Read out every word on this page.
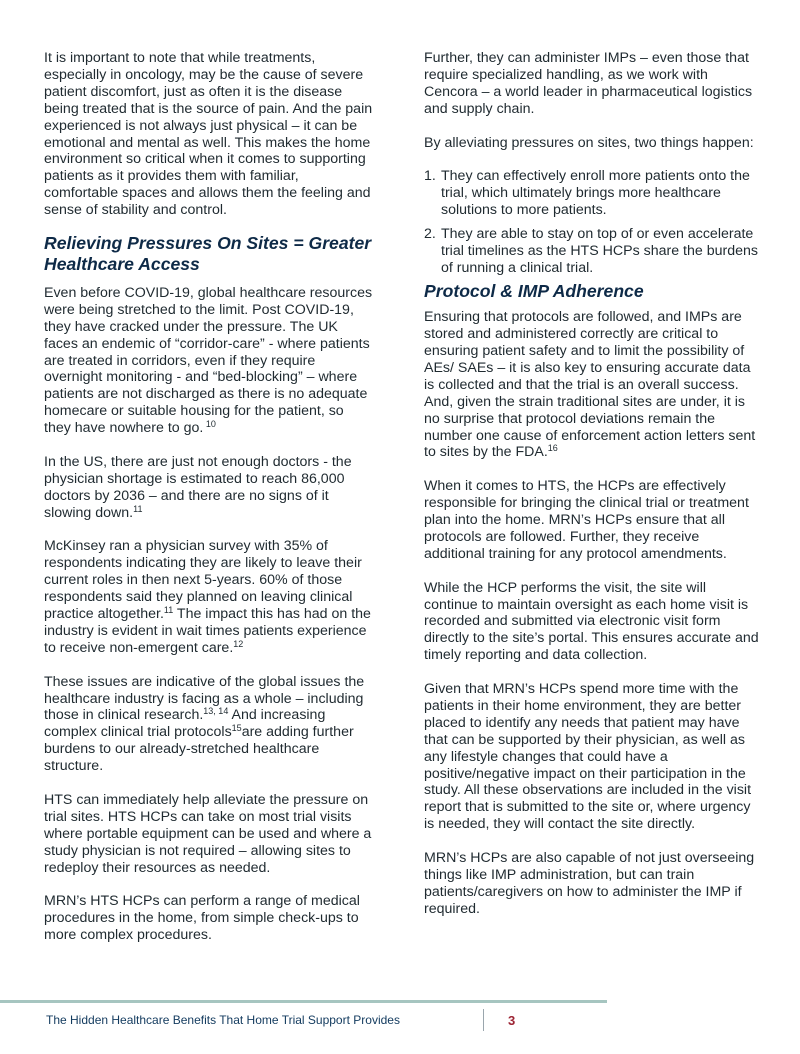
It is important to note that while treatments, especially in oncology, may be the cause of severe patient discomfort, just as often it is the disease being treated that is the source of pain. And the pain experienced is not always just physical – it can be emotional and mental as well. This makes the home environment so critical when it comes to supporting patients as it provides them with familiar, comfortable spaces and allows them the feeling and sense of stability and control.

Relieving Pressures On Sites = Greater Healthcare Access

Even before COVID-19, global healthcare resources were being stretched to the limit. Post COVID-19, they have cracked under the pressure. The UK faces an endemic of “corridor-care” - where patients are treated in corridors, even if they require overnight monitoring - and “bed-blocking” – where patients are not discharged as there is no adequate homecare or suitable housing for the patient, so they have nowhere to go. $^{10}$

In the US, there are just not enough doctors - the physician shortage is estimated to reach 86,000 doctors by 2036 – and there are no signs of it slowing down.$^{11}$

McKinsey ran a physician survey with 35% of respondents indicating they are likely to leave their current roles in then next 5-years. 60% of those respondents said they planned on leaving clinical practice altogether.$^{11}$ The impact this has had on the industry is evident in wait times patients experience to receive non-emergent care.$^{12}$

These issues are indicative of the global issues the healthcare industry is facing as a whole – including those in clinical research.$^{13, 14}$ And increasing complex clinical trial protocols$^{15}$are adding further burdens to our already-stretched healthcare structure.

HTS can immediately help alleviate the pressure on trial sites. HTS HCPs can take on most trial visits where portable equipment can be used and where a study physician is not required – allowing sites to redeploy their resources as needed.

MRN’s HTS HCPs can perform a range of medical procedures in the home, from simple check-ups to more complex procedures.

Further, they can administer IMPs – even those that require specialized handling, as we work with Cencora – a world leader in pharmaceutical logistics and supply chain.

By alleviating pressures on sites, two things happen:

1. They can effectively enroll more patients onto the trial, which ultimately brings more healthcare solutions to more patients.
2. They are able to stay on top of or even accelerate trial timelines as the HTS HCPs share the burdens of running a clinical trial.
Protocol & IMP Adherence

Ensuring that protocols are followed, and IMPs are stored and administered correctly are critical to ensuring patient safety and to limit the possibility of AEs/ SAEs – it is also key to ensuring accurate data is collected and that the trial is an overall success. And, given the strain traditional sites are under, it is no surprise that protocol deviations remain the number one cause of enforcement action letters sent to sites by the FDA.$^{16}$

When it comes to HTS, the HCPs are effectively responsible for bringing the clinical trial or treatment plan into the home. MRN’s HCPs ensure that all protocols are followed. Further, they receive additional training for any protocol amendments.

While the HCP performs the visit, the site will continue to maintain oversight as each home visit is recorded and submitted via electronic visit form directly to the site’s portal. This ensures accurate and timely reporting and data collection.

Given that MRN’s HCPs spend more time with the patients in their home environment, they are better placed to identify any needs that patient may have that can be supported by their physician, as well as any lifestyle changes that could have a positive/negative impact on their participation in the study. All these observations are included in the visit report that is submitted to the site or, where urgency is needed, they will contact the site directly.

MRN’s HCPs are also capable of not just overseeing things like IMP administration, but can train patients/caregivers on how to administer the IMP if required.

The Hidden Healthcare Benefits That Home Trial Support Provides	3
